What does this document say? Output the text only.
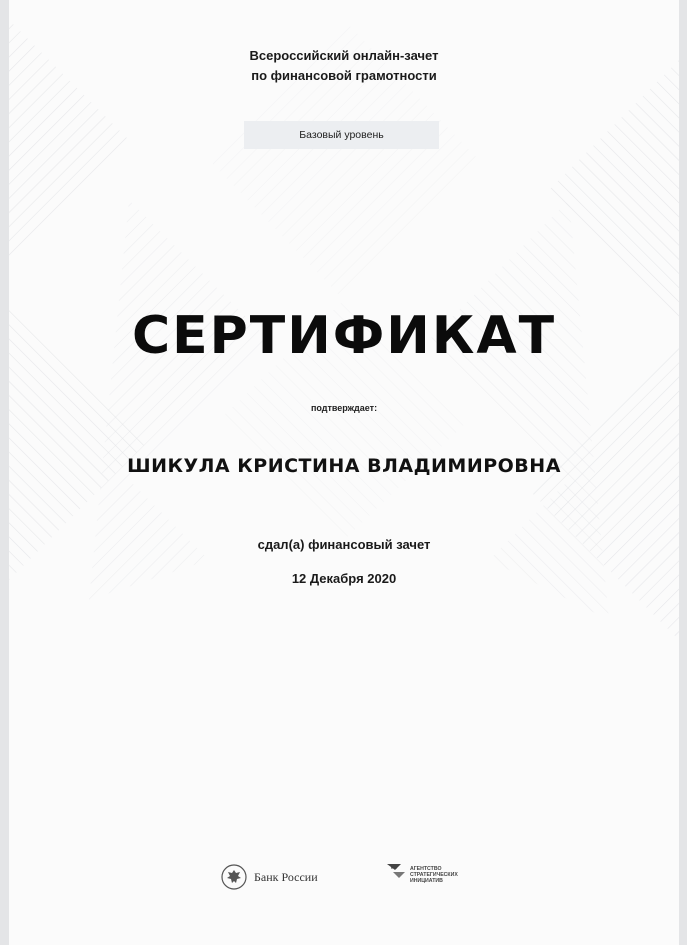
Всероссийский онлайн-зачет
по финансовой грамотности
Базовый уровень
СЕРТИФИКАТ
подтверждает:
ШИКУЛА КРИСТИНА ВЛАДИМИРОВНА
сдал(а) финансовый зачет
12 Декабря 2020
Банк России
АГЕНТСТВО
СТРАТЕГИЧЕСКИХ
ИНИЦИАТИВ
